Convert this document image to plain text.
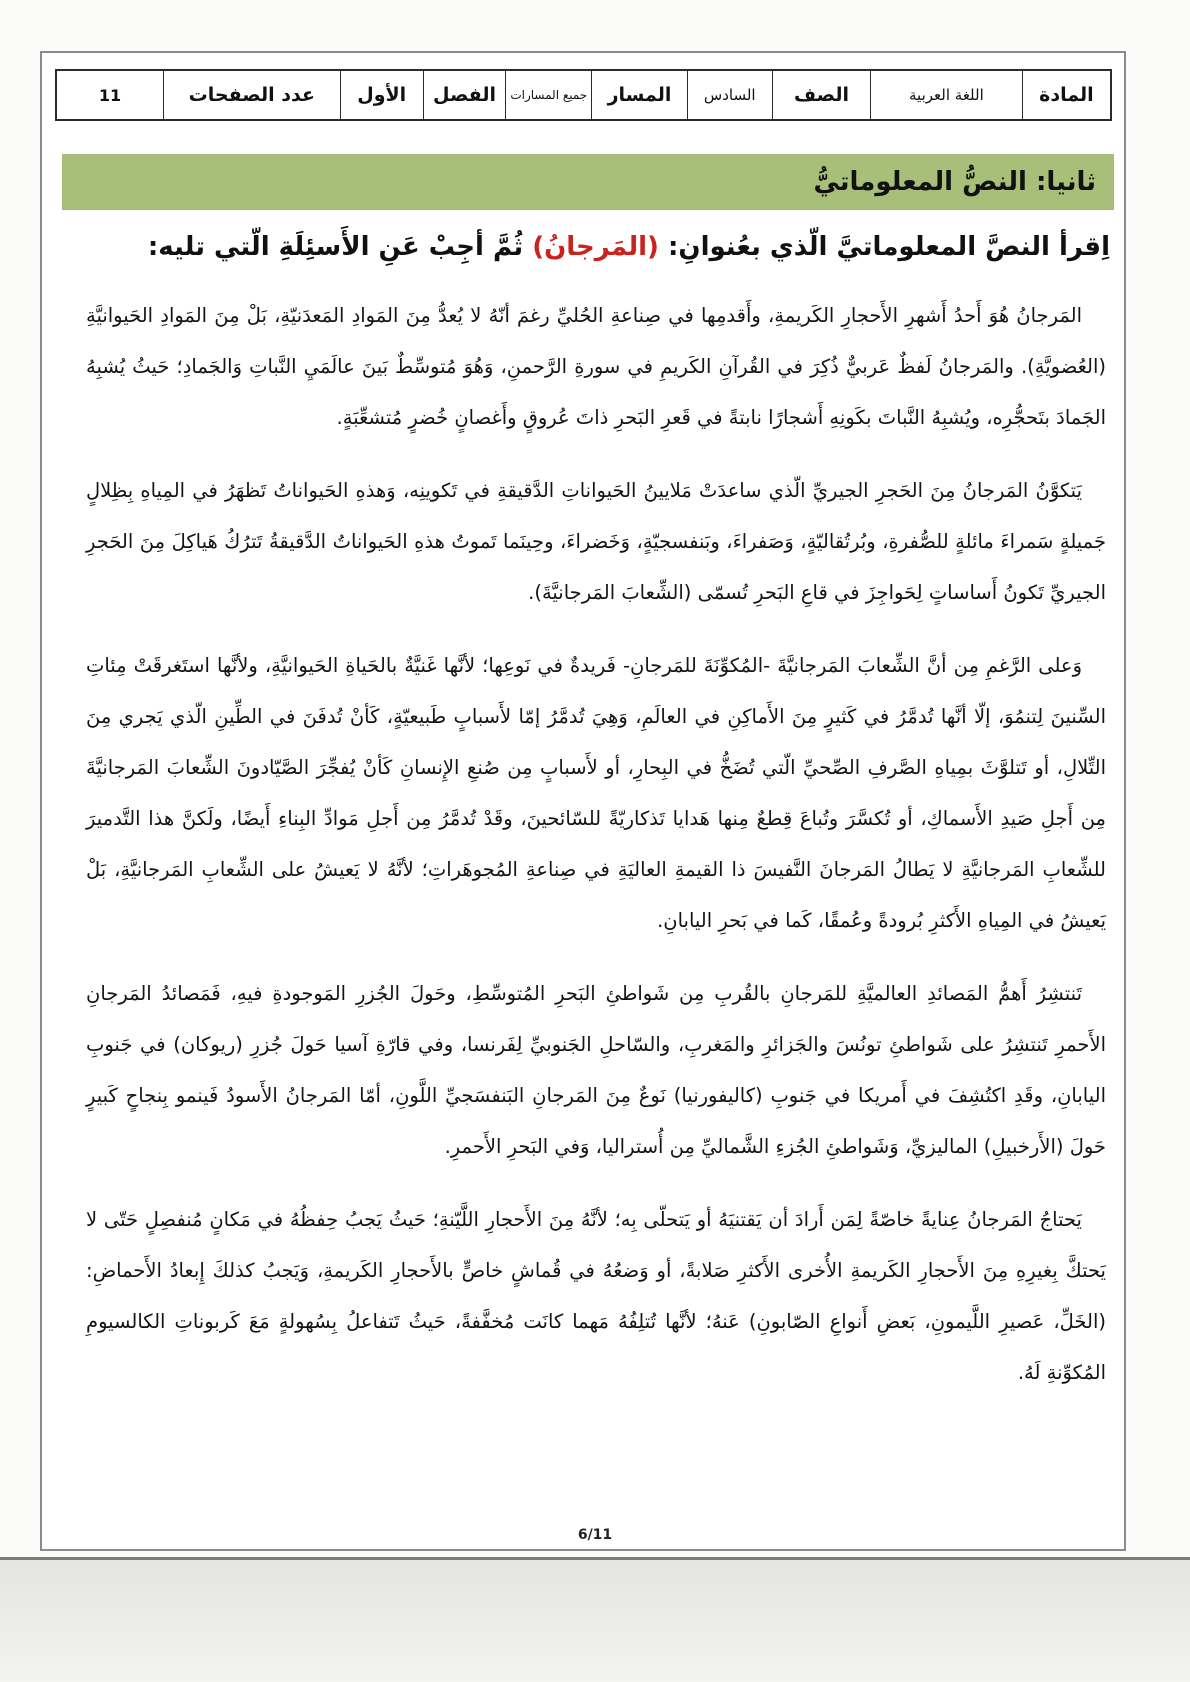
المادة
اللغة العربية
الصف
السادس
المسار
جميع المسارات
الفصل
الأول
عدد الصفحات
11
ثانيا: النصُّ المعلوماتيُّ
اِقرأ النصَّ المعلوماتيَّ الّذي بعُنوانِ: (المَرجانُ) ثُمَّ أجِبْ عَنِ الأَسئِلَةِ الّتي تليه:

المَرجانُ هُوَ أَحدُ أَشهرِ الأَحجارِ الكَريمةِ، وأَقدمِها في صِناعةِ الحُليِّ رغمَ أنّهُ لا يُعدُّ مِنَ المَوادِ المَعدَنيّةِ، بَلْ مِنَ المَوادِ الحَيوانيَّةِ (العُضويَّةِ). والمَرجانُ لَفظٌ عَربيٌّ ذُكِرَ في القُرآنِ الكَريمِ في سورةِ الرَّحمنِ، وَهُوَ مُتوسِّطٌ بَينَ عالَمَيِ النَّباتِ وَالجَمادِ؛ حَيثُ يُشبِهُ الجَمادَ بتَحجُّرِه، ويُشبِهُ النَّباتَ بكَونِهِ أَشجارًا نابتةً في قَعرِ البَحرِ ذاتَ عُروقٍ وأَغصانٍ خُضرٍ مُتشعِّبَةٍ.

يَتكوَّنُ المَرجانُ مِنَ الحَجرِ الجيريِّ الّذي ساعدَتْ مَلايينُ الحَيواناتِ الدَّقيقةِ في تَكوينِه، وَهذهِ الحَيواناتُ تَظهَرُ في المِياهِ بِظِلالٍ جَميلةٍ سَمراءَ مائلةٍ للصُّفرةِ، وبُرتُقاليّةٍ، وَصَفراءَ، وبَنفسجيّةٍ، وَخَضراءَ، وحِينَما تَموتُ هذهِ الحَيواناتُ الدَّقيقةُ تَترُكُ هَياكِلَ مِنَ الحَجرِ الجيريِّ تَكونُ أَساساتٍ لِحَواجِزَ في قاعِ البَحرِ تُسمّى (الشِّعابَ المَرجانيَّةَ).

وَعلى الرَّغمِ مِن أنَّ الشِّعابَ المَرجانيَّةَ -المُكوِّنَةَ للمَرجانِ- فَريدةٌ في نَوعِها؛ لأنَّها غَنيَّةٌ بالحَياةِ الحَيوانيَّةِ، ولأنَّها استَغرقَتْ مِئاتِ السِّنينَ لِتنمُوَ، إلّا أنَّها تُدمَّرُ في كَثيرٍ مِنَ الأَماكِنِ في العالَمِ، وَهِيَ تُدمَّرُ إمّا لأَسبابٍ طَبيعيّةٍ، كَأنْ تُدفَنَ في الطِّينِ الّذي يَجري مِنَ التِّلالِ، أو تَتلوَّثَ بمِياهِ الصَّرفِ الصِّحيِّ الّتي تُضَخُّ في البِحارِ، أو لأَسبابٍ مِن صُنعِ الإِنسانِ كَأنْ يُفجِّرَ الصَّيّادونَ الشِّعابَ المَرجانيَّةَ مِن أَجلِ صَيدِ الأَسماكِ، أو تُكسَّرَ وتُباعَ قِطعٌ مِنها هَدايا تَذكاريّةً للسّائحينَ، وقَدْ تُدمَّرُ مِن أَجلِ مَوادِّ البِناءِ أَيضًا، ولَكنَّ هذا التَّدميرَ للشِّعابِ المَرجانيَّةِ لا يَطالُ المَرجانَ النَّفيسَ ذا القيمةِ العاليَةِ في صِناعةِ المُجوهَراتِ؛ لأنَّهُ لا يَعيشُ على الشِّعابِ المَرجانيَّةِ، بَلْ يَعيشُ في المِياهِ الأَكثرِ بُرودةً وعُمقًا، كَما في بَحرِ اليابانِ.

تَنتشِرُ أَهمُّ المَصائدِ العالميَّةِ للمَرجانِ بالقُربِ مِن شَواطئِ البَحرِ المُتوسِّطِ، وحَولَ الجُزرِ المَوجودةِ فيهِ، فَمَصائدُ المَرجانِ الأَحمرِ تَنتشِرُ على شَواطئِ تونُسَ والجَزائرِ والمَغربِ، والسّاحلِ الجَنوبيِّ لِفَرنسا، وفي قارّةِ آسيا حَولَ جُزرِ (ريوكان) في جَنوبِ اليابانِ، وقَدِ اكتُشِفَ في أَمريكا في جَنوبِ (كاليفورنيا) نَوعٌ مِنَ المَرجانِ البَنفسَجيِّ اللَّونِ، أمّا المَرجانُ الأَسودُ فَينمو بِنجاحٍ كَبيرٍ حَولَ (الأَرخبيلِ) الماليزيِّ، وَشَواطئِ الجُزءِ الشَّماليِّ مِن أُستراليا، وَفي البَحرِ الأَحمرِ.

يَحتاجُ المَرجانُ عِنايةً خاصّةً لِمَن أَرادَ أن يَقتنيَهُ أو يَتحلّى بِه؛ لأنَّهُ مِنَ الأَحجارِ اللَّيّنةِ؛ حَيثُ يَجبُ حِفظُهُ في مَكانٍ مُنفصِلٍ حَتّى لا يَحتكَّ بِغيرِهِ مِنَ الأَحجارِ الكَريمةِ الأُخرى الأَكثرِ صَلابةً، أو وَضعُهُ في قُماشٍ خاصٍّ بالأَحجارِ الكَريمةِ، وَيَجبُ كذلكَ إِبعادُ الأَحماضِ:(الخَلِّ، عَصيرِ اللَّيمونِ، بَعضِ أَنواعِ الصّابونِ) عَنهُ؛ لأنَّها تُتلِفُهُ مَهما كانَت مُخفَّفةً، حَيثُ تَتفاعلُ بِسُهولةٍ مَعَ كَربوناتِ الكالسيومِ المُكوِّنةِ لَهُ.

6/11
